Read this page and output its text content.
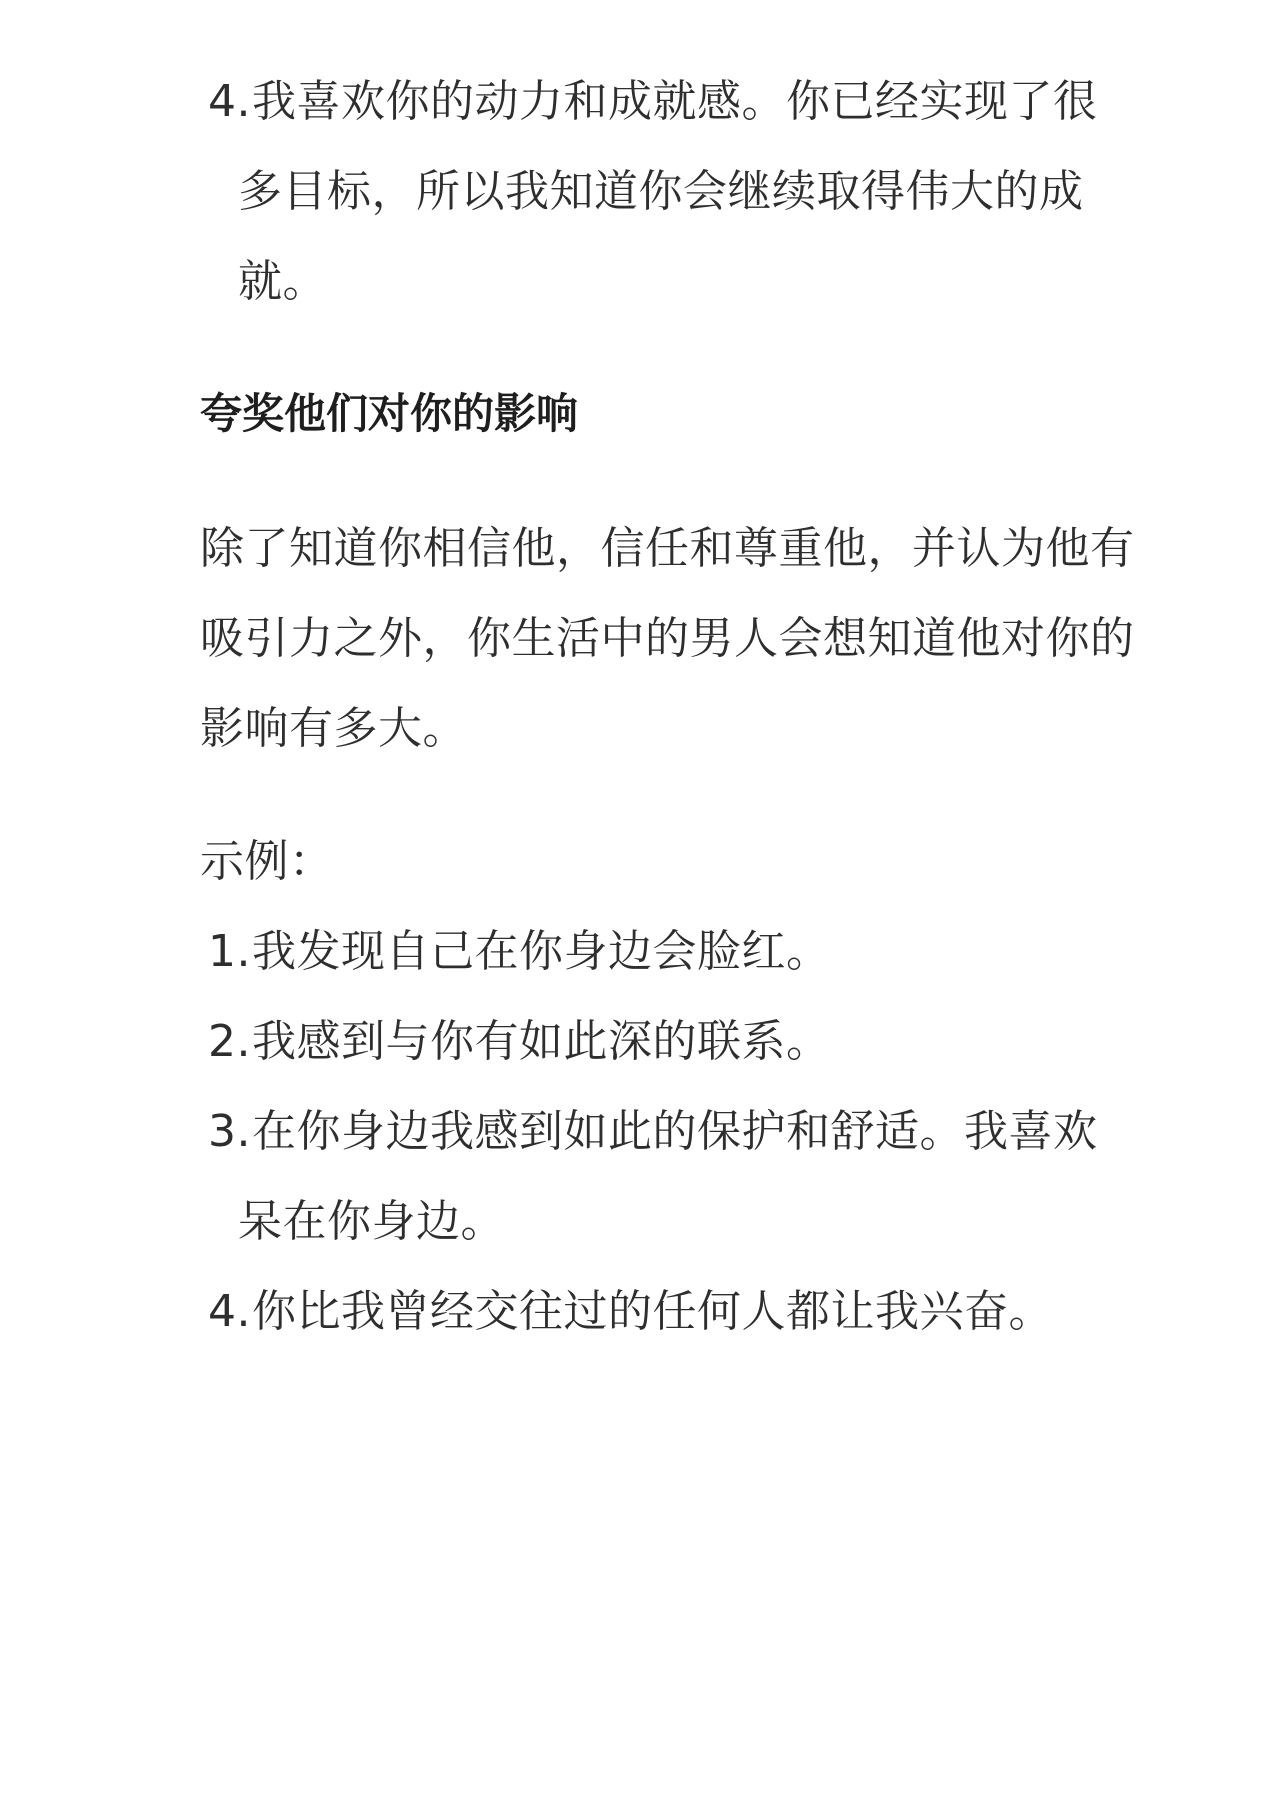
4.我喜欢你的动力和成就感。你已经实现了很
多目标，所以我知道你会继续取得伟大的成
就。
夸奖他们对你的影响
除了知道你相信他，信任和尊重他，并认为他有
吸引力之外，你生活中的男人会想知道他对你的
影响有多大。
示例：
1.我发现自己在你身边会脸红。
2.我感到与你有如此深的联系。
3.在你身边我感到如此的保护和舒适。我喜欢
呆在你身边。
4.你比我曾经交往过的任何人都让我兴奋。
